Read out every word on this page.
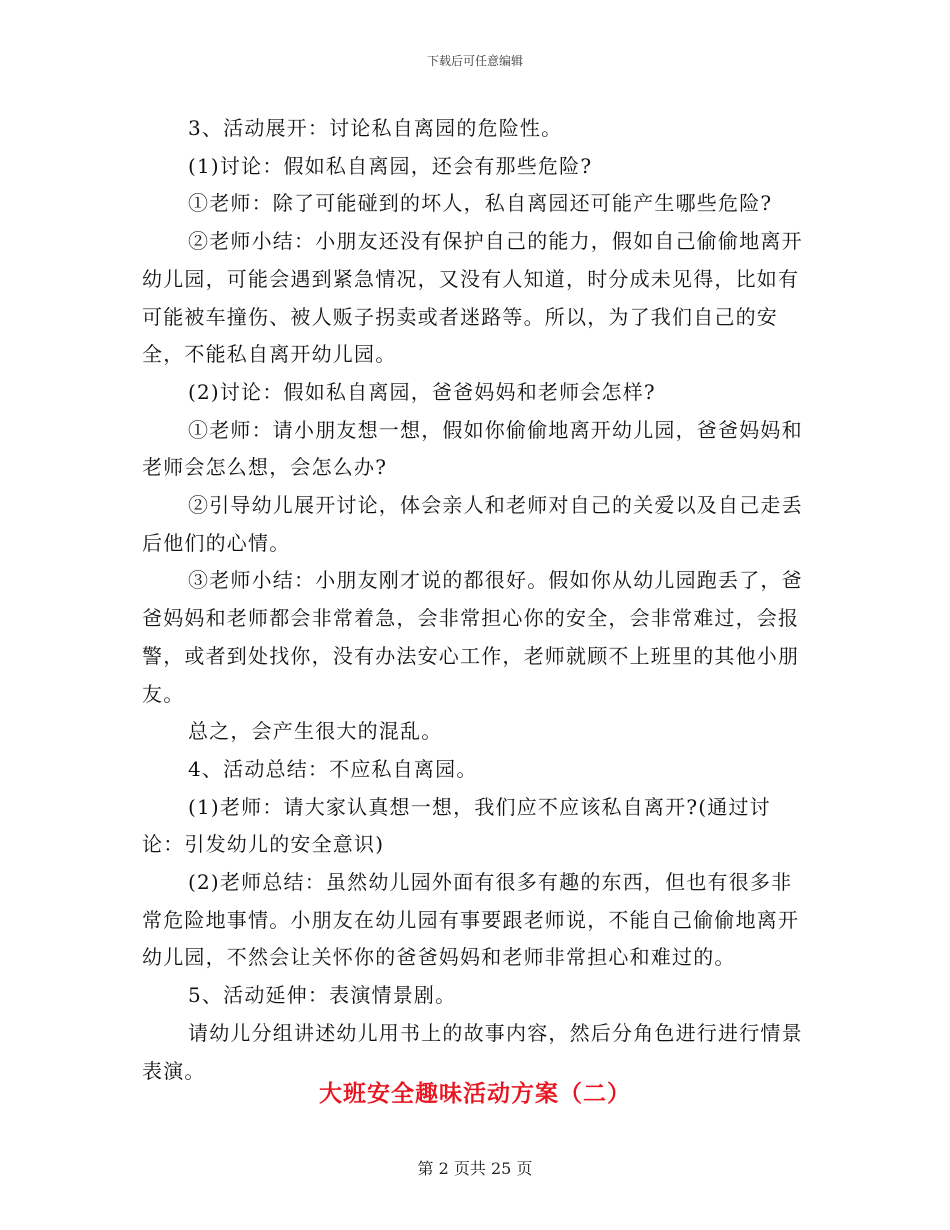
下载后可任意编辑

3、活动展开：讨论私自离园的危险性。

(1)讨论：假如私自离园，还会有那些危险?

①老师：除了可能碰到的坏人，私自离园还可能产生哪些危险?

②老师小结：小朋友还没有保护自己的能力，假如自己偷偷地离开幼儿园，可能会遇到紧急情况，又没有人知道，时分成未见得，比如有可能被车撞伤、被人贩子拐卖或者迷路等。所以，为了我们自己的安全，不能私自离开幼儿园。

(2)讨论：假如私自离园，爸爸妈妈和老师会怎样?

①老师：请小朋友想一想，假如你偷偷地离开幼儿园，爸爸妈妈和老师会怎么想，会怎么办?

②引导幼儿展开讨论，体会亲人和老师对自己的关爱以及自己走丢后他们的心情。

③老师小结：小朋友刚才说的都很好。假如你从幼儿园跑丢了，爸爸妈妈和老师都会非常着急，会非常担心你的安全，会非常难过，会报警，或者到处找你，没有办法安心工作，老师就顾不上班里的其他小朋友。

总之，会产生很大的混乱。

4、活动总结：不应私自离园。

(1)老师：请大家认真想一想，我们应不应该私自离开?(通过讨论：引发幼儿的安全意识)

(2)老师总结：虽然幼儿园外面有很多有趣的东西，但也有很多非常危险地事情。小朋友在幼儿园有事要跟老师说，不能自己偷偷地离开幼儿园，不然会让关怀你的爸爸妈妈和老师非常担心和难过的。

5、活动延伸：表演情景剧。

请幼儿分组讲述幼儿用书上的故事内容，然后分角色进行进行情景表演。

大班安全趣味活动方案（二）
第 2 页共 25 页
